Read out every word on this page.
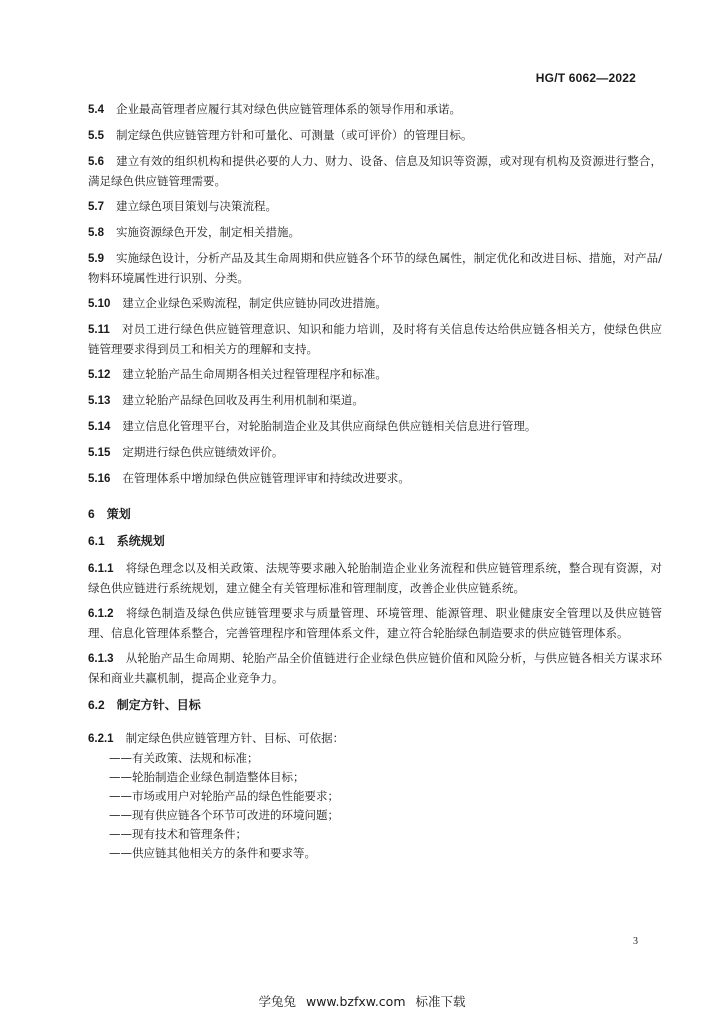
HG/T 6062—2022

5.4 企业最高管理者应履行其对绿色供应链管理体系的领导作用和承诺。

5.5 制定绿色供应链管理方针和可量化、可测量（或可评价）的管理目标。

5.6 建立有效的组织机构和提供必要的人力、财力、设备、信息及知识等资源，或对现有机构及资源进行整合，满足绿色供应链管理需要。

5.7 建立绿色项目策划与决策流程。

5.8 实施资源绿色开发，制定相关措施。

5.9 实施绿色设计，分析产品及其生命周期和供应链各个环节的绿色属性，制定优化和改进目标、措施，对产品/物料环境属性进行识别、分类。

5.10 建立企业绿色采购流程，制定供应链协同改进措施。

5.11 对员工进行绿色供应链管理意识、知识和能力培训，及时将有关信息传达给供应链各相关方，使绿色供应链管理要求得到员工和相关方的理解和支持。

5.12 建立轮胎产品生命周期各相关过程管理程序和标准。

5.13 建立轮胎产品绿色回收及再生利用机制和渠道。

5.14 建立信息化管理平台，对轮胎制造企业及其供应商绿色供应链相关信息进行管理。

5.15 定期进行绿色供应链绩效评价。

5.16 在管理体系中增加绿色供应链管理评审和持续改进要求。

6 策划

6.1 系统规划

6.1.1 将绿色理念以及相关政策、法规等要求融入轮胎制造企业业务流程和供应链管理系统，整合现有资源，对绿色供应链进行系统规划，建立健全有关管理标准和管理制度，改善企业供应链系统。

6.1.2 将绿色制造及绿色供应链管理要求与质量管理、环境管理、能源管理、职业健康安全管理以及供应链管理、信息化管理体系整合，完善管理程序和管理体系文件，建立符合轮胎绿色制造要求的供应链管理体系。

6.1.3 从轮胎产品生命周期、轮胎产品全价值链进行企业绿色供应链价值和风险分析，与供应链各相关方谋求环保和商业共赢机制，提高企业竞争力。

6.2 制定方针、目标

6.2.1 制定绿色供应链管理方针、目标、可依据：

——有关政策、法规和标准；

——轮胎制造企业绿色制造整体目标；

——市场或用户对轮胎产品的绿色性能要求；

——现有供应链各个环节可改进的环境问题；

——现有技术和管理条件；

——供应链其他相关方的条件和要求等。

3
学兔兔 www.bzfxw.com 标准下载
